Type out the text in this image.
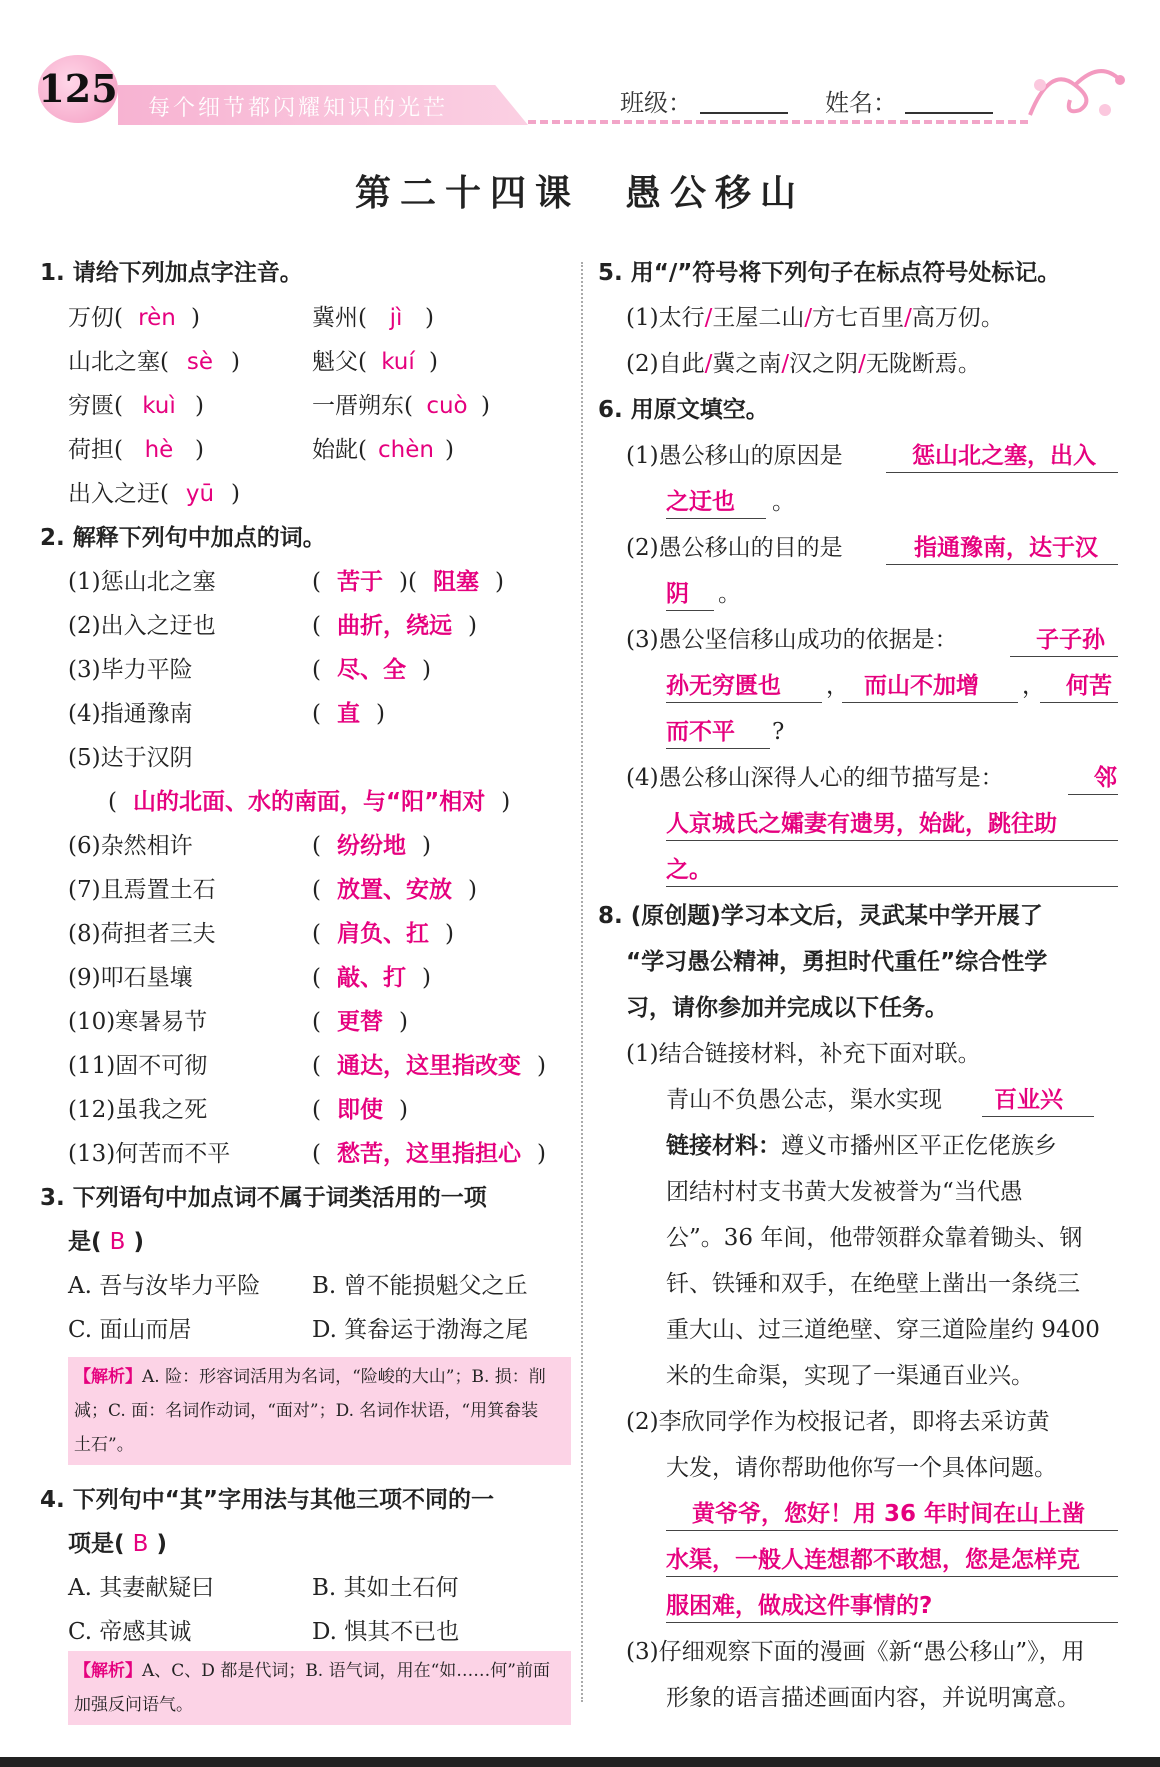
125 每个细节都闪耀知识的光芒	班级：	姓名：
第二十四课　愚公移山
1. 请给下列加点字注音。
万仞( rèn )	冀州( jì )
山北之塞( sè )	魁父( kuí )
穷匮( kuì )	一厝朔东( cuò )
荷担( hè )	始龀( chèn )
出入之迂( yū )
2. 解释下列句中加点的词。
(1)惩山北之塞	( 苦于 )( 阻塞 )
(2)出入之迂也	( 曲折，绕远 )
(3)毕力平险	( 尽、全 )
(4)指通豫南	( 直 )
(5)达于汉阴
( 山的北面、水的南面，与“阳”相对 )
(6)杂然相许	( 纷纷地 )
(7)且焉置土石	( 放置、安放 )
(8)荷担者三夫	( 肩负、扛 )
(9)叩石垦壤	( 敲、打 )
(10)寒暑易节	( 更替 )
(11)固不可彻	( 通达，这里指改变 )
(12)虽我之死	( 即使 )
(13)何苦而不平	( 愁苦，这里指担心 )
3. 下列语句中加点词不属于词类活用的一项
是( B )
A. 吾与汝毕力平险 B. 曾不能损魁父之丘
C. 面山而居	D. 箕畚运于渤海之尾
【解析】A. 险：形容词活用为名词，“险峻的大山”；B. 损：削
减；C. 面：名词作动词，“面对”；D. 名词作状语，“用箕畚装
土石”。
4. 下列句中“其”字用法与其他三项不同的一
项是( B )
A. 其妻献疑曰	B. 其如土石何
C. 帝感其诚	D. 惧其不已也
【解析】A、C、D 都是代词；B. 语气词，用在“如……何”前面
加强反问语气。
5. 用“/”符号将下列句子在标点符号处标记。
(1)太行/王屋二山/方七百里/高万仞。
(2)自此/冀之南/汉之阴/无陇断焉。
6. 用原文填空。
(1)愚公移山的原因是	惩山北之塞，出入
之迂也 。
(2)愚公移山的目的是	指通豫南，达于汉
阴 。
(3)愚公坚信移山成功的依据是：	子子孙
孙无穷匮也 ， 而山不加增 ， 何苦
而不平 ?
(4)愚公移山深得人心的细节描写是：	邻
人京城氏之孀妻有遗男，始龀，跳往助
之。
8. (原创题)学习本文后，灵武某中学开展了
“学习愚公精神，勇担时代重任”综合性学
习，请你参加并完成以下任务。
(1)结合链接材料，补充下面对联。
青山不负愚公志，渠水实现 百业兴
链接材料：遵义市播州区平正仡佬族乡
团结村村支书黄大发被誉为“当代愚
公”。36 年间，他带领群众靠着锄头、钢
钎、铁锤和双手，在绝壁上凿出一条绕三
重大山、过三道绝壁、穿三道险崖约 9400
米的生命渠，实现了一渠通百业兴。
(2)李欣同学作为校报记者，即将去采访黄
大发，请你帮助他你写一个具体问题。
黄爷爷，您好！用 36 年时间在山上凿
水渠，一般人连想都不敢想，您是怎样克
服困难，做成这件事情的?
(3)仔细观察下面的漫画《新“愚公移山”》，用
形象的语言描述画面内容，并说明寓意。
